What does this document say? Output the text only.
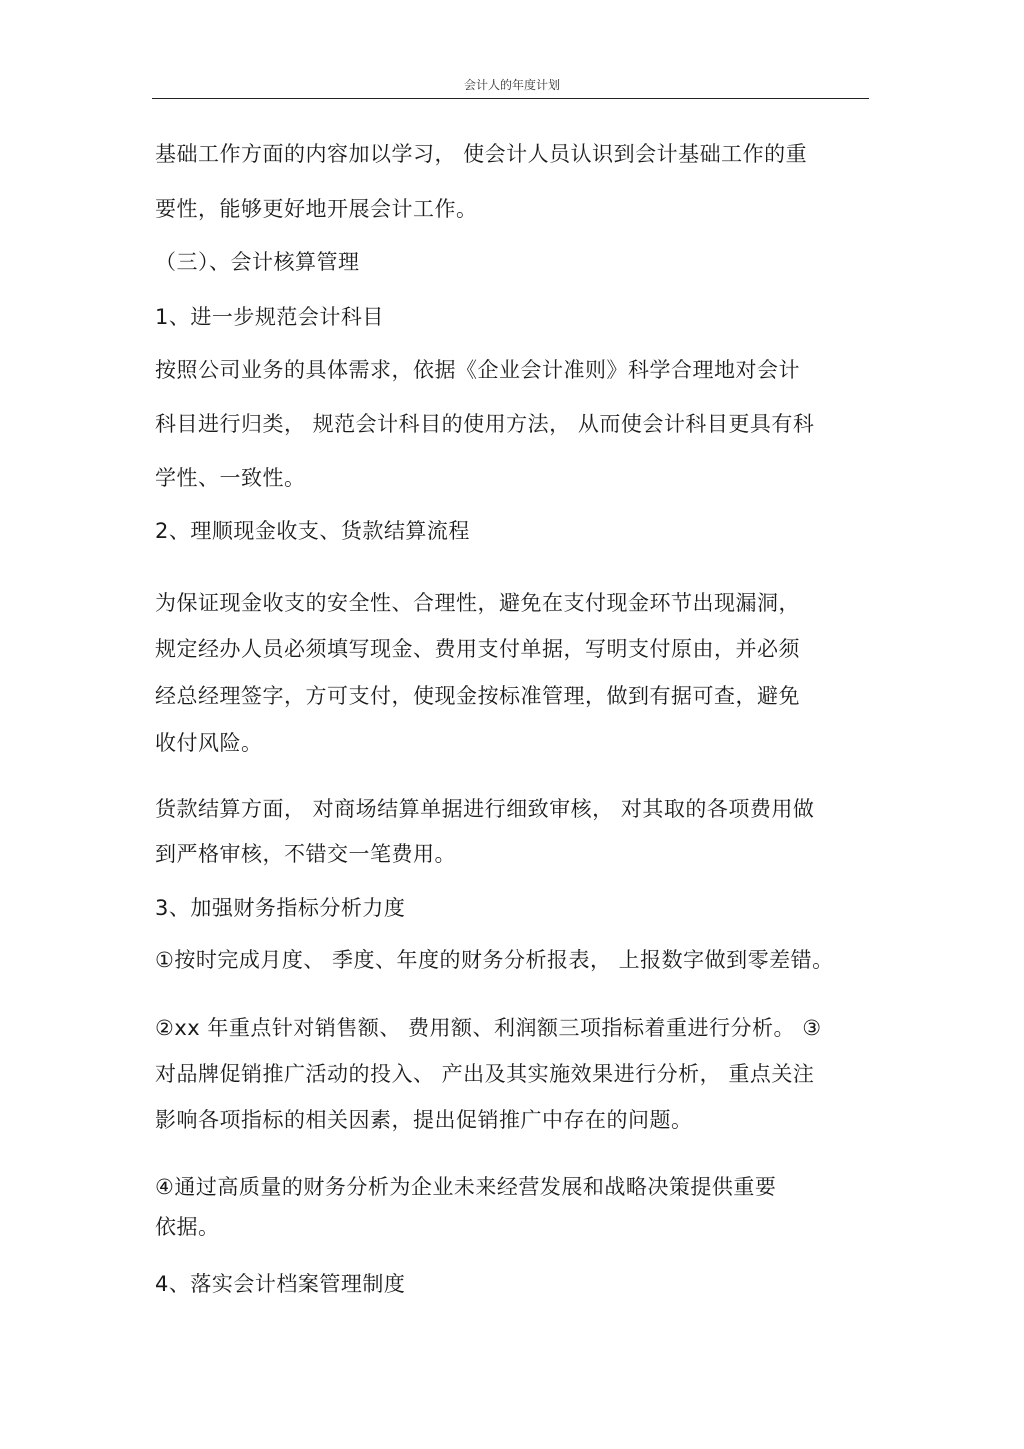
会计人的年度计划
基础工作方面的内容加以学习， 使会计人员认识到会计基础工作的重
要性，能够更好地开展会计工作。
（三）、会计核算管理
1、进一步规范会计科目
按照公司业务的具体需求，依据《企业会计准则》科学合理地对会计
科目进行归类， 规范会计科目的使用方法， 从而使会计科目更具有科
学性、一致性。
2、理顺现金收支、货款结算流程
为保证现金收支的安全性、合理性，避免在支付现金环节出现漏洞，
规定经办人员必须填写现金、费用支付单据，写明支付原由，并必须
经总经理签字，方可支付，使现金按标准管理，做到有据可查，避免
收付风险。
货款结算方面， 对商场结算单据进行细致审核， 对其取的各项费用做
到严格审核，不错交一笔费用。
3、加强财务指标分析力度
①按时完成月度、 季度、年度的财务分析报表， 上报数字做到零差错。
②xx 年重点针对销售额、 费用额、利润额三项指标着重进行分析。 ③
对品牌促销推广活动的投入、 产出及其实施效果进行分析， 重点关注
影响各项指标的相关因素，提出促销推广中存在的问题。
④通过高质量的财务分析为企业未来经营发展和战略决策提供重要
依据。
4、落实会计档案管理制度
